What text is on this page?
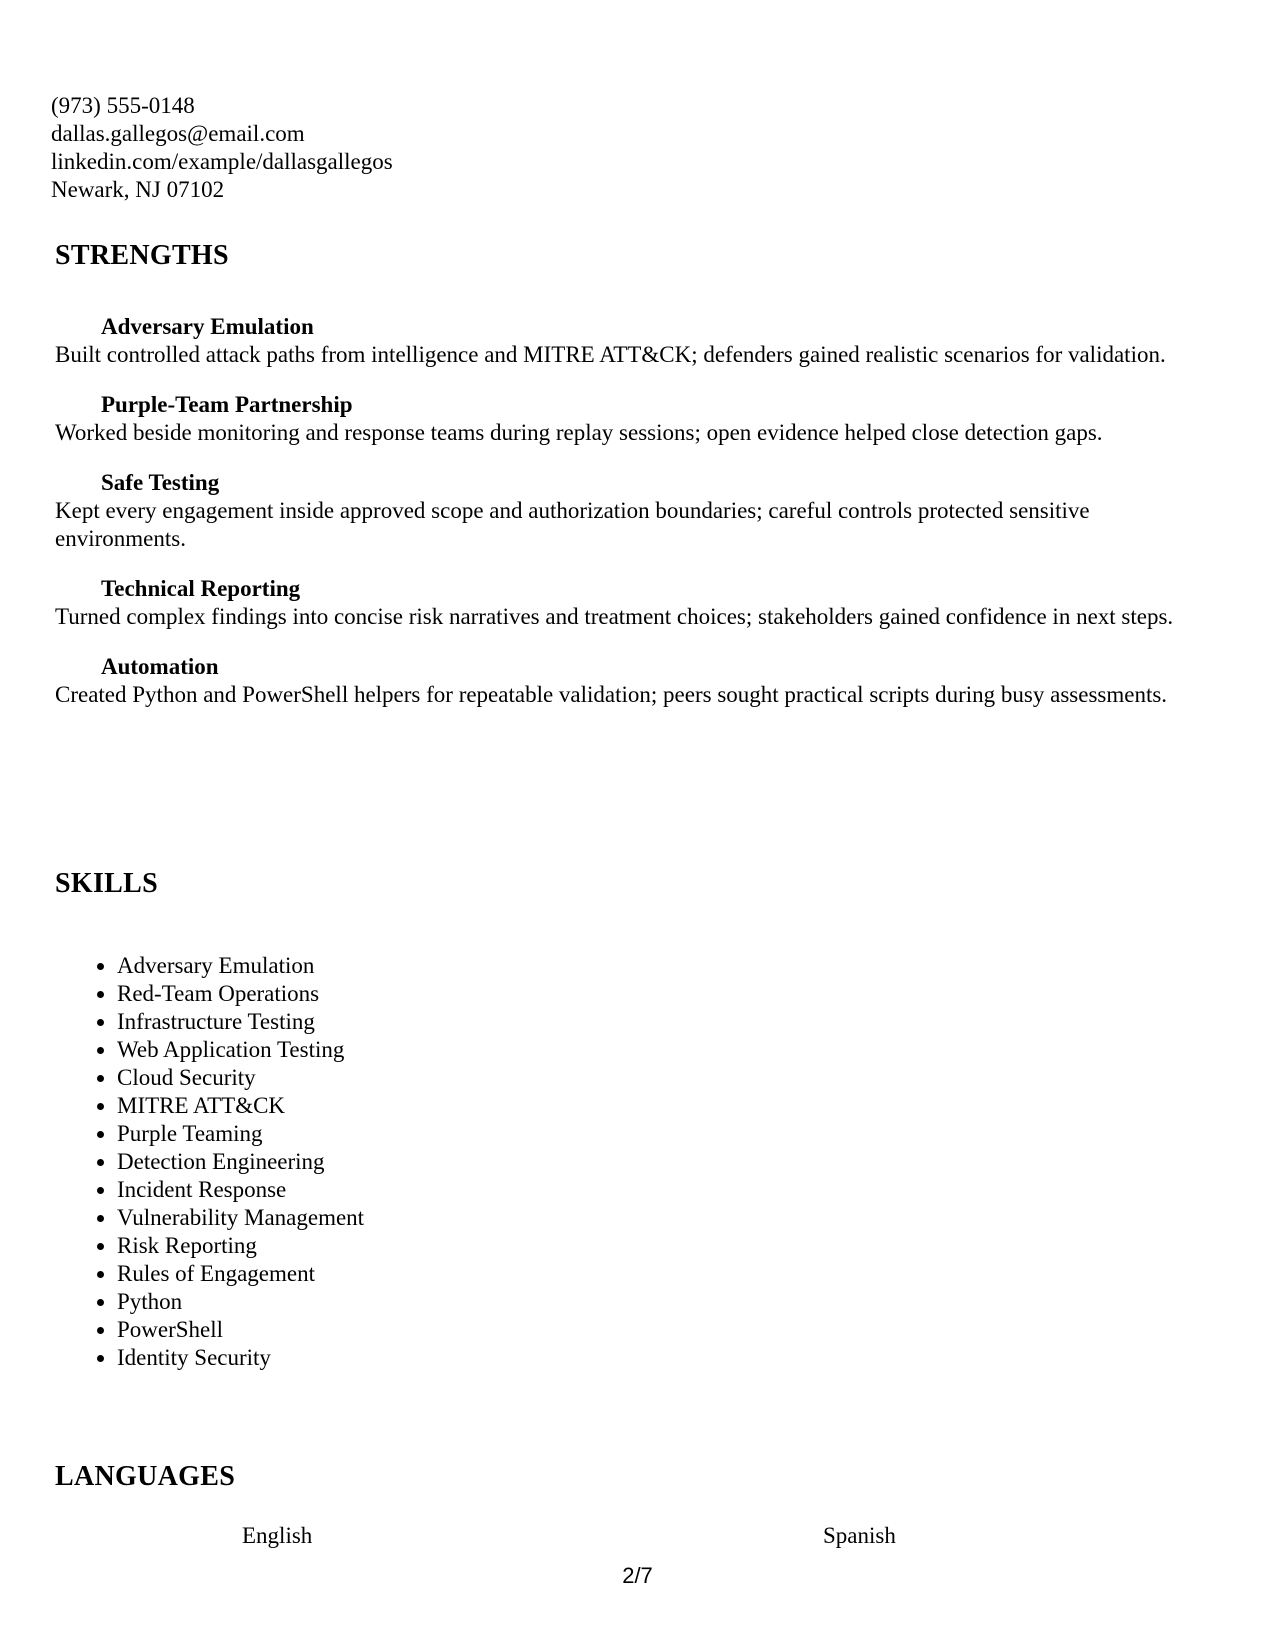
(973) 555-0148
dallas.gallegos@email.com
linkedin.com/example/dallasgallegos
Newark, NJ 07102
STRENGTHS
Adversary Emulation
Built controlled attack paths from intelligence and MITRE ATT&CK; defenders gained realistic scenarios for validation.
Purple-Team Partnership
Worked beside monitoring and response teams during replay sessions; open evidence helped close detection gaps.
Safe Testing
Kept every engagement inside approved scope and authorization boundaries; careful controls protected sensitive environments.
Technical Reporting
Turned complex findings into concise risk narratives and treatment choices; stakeholders gained confidence in next steps.
Automation
Created Python and PowerShell helpers for repeatable validation; peers sought practical scripts during busy assessments.
SKILLS
• Adversary Emulation
• Red-Team Operations
• Infrastructure Testing
• Web Application Testing
• Cloud Security
• MITRE ATT&CK
• Purple Teaming
• Detection Engineering
• Incident Response
• Vulnerability Management
• Risk Reporting
• Rules of Engagement
• Python
• PowerShell
• Identity Security
LANGUAGES
English	Spanish
2/7
